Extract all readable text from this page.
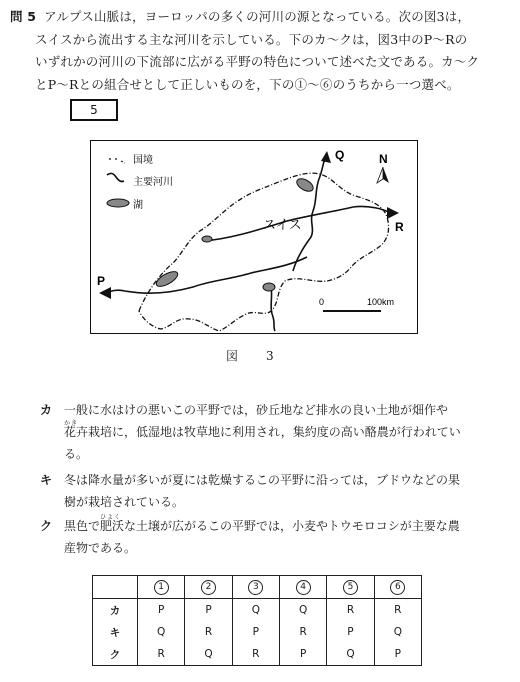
問 5 アルプス山脈は，ヨーロッパの多くの河川の源となっている。次の図3は，
スイスから流出する主な河川を示している。下のカ～クは，図3中のP～Rの
いずれかの河川の下流部に広がる平野の特色について述べた文である。カ～ク
とP～Rとの組合せとして正しいものを，下の①～⑥のうちから一つ選べ。
5
国境
主要河川
湖
N
Q
R
P
スイス
0	100km
図　3
カ 一般に水はけの悪いこの平野では，砂丘地など排水の良い土地が畑作や
かき
花卉栽培に，低湿地は牧草地に利用され，集約度の高い酪農が行われてい
る。
キ 冬は降水量が多いが夏には乾燥するこの平野に沿っては，ブドウなどの果
樹が栽培されている。
ク 黒色で
ひよく
肥沃な土壌が広がるこの平野では，小麦やトウモロコシが主要な農
産物である。
	1	2	3	4	5	6
カ	P	P	Q	Q	R	R
キ	Q	R	P	R	P	Q
ク	R	Q	R	P	Q	P
